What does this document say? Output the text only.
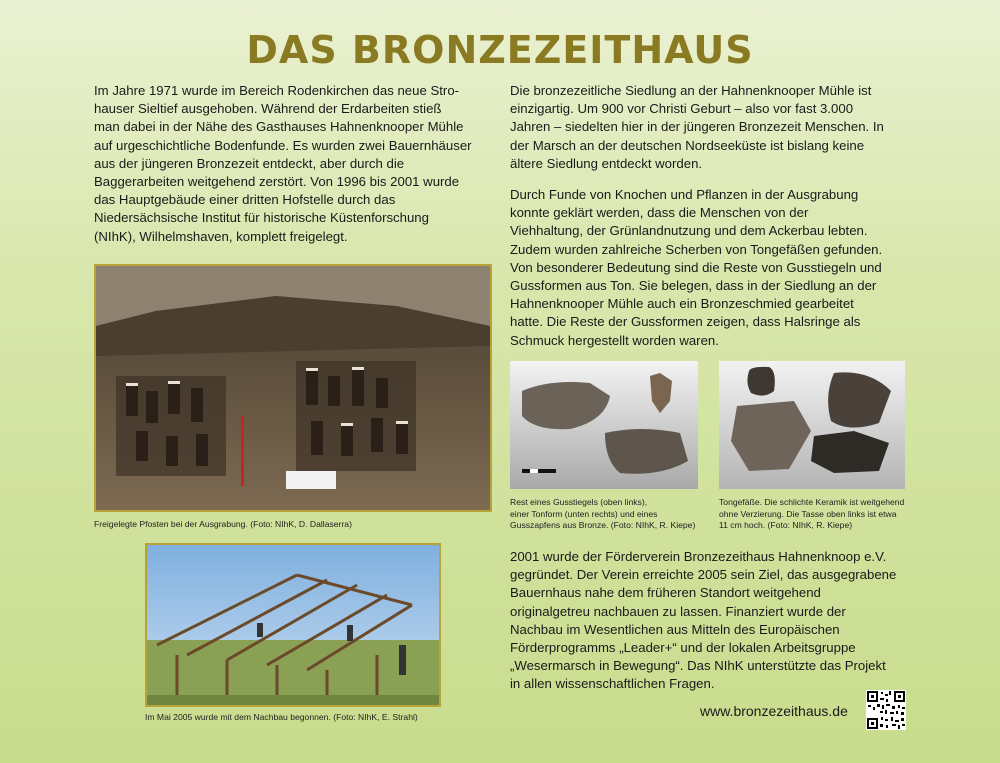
DAS BRONZEZEITHAUS

Im Jahre 1971 wurde im Bereich Rodenkirchen das neue Stro-
hauser Sieltief ausgehoben. Während der Erdarbeiten stieß
man dabei in der Nähe des Gasthauses Hahnenknooper Mühle
auf urgeschichtliche Bodenfunde. Es wurden zwei Bauernhäuser
aus der jüngeren Bronzezeit entdeckt, aber durch die
Baggerarbeiten weitgehend zerstört. Von 1996 bis 2001 wurde
das Hauptgebäude einer dritten Hofstelle durch das
Niedersächsische Institut für historische Küstenforschung
(NIhK), Wilhelmshaven, komplett freigelegt.

Die bronzezeitliche Siedlung an der Hahnenknooper Mühle ist
einzigartig. Um 900 vor Christi Geburt – also vor fast 3.000
Jahren – siedelten hier in der jüngeren Bronzezeit Menschen. In
der Marsch an der deutschen Nordseeküste ist bislang keine
ältere Siedlung entdeckt worden.

Durch Funde von Knochen und Pflanzen in der Ausgrabung
konnte geklärt werden, dass die Menschen von der
Viehhaltung, der Grünlandnutzung und dem Ackerbau lebten.
Zudem wurden zahlreiche Scherben von Tongefäßen gefunden.
Von besonderer Bedeutung sind die Reste von Gusstiegeln und
Gussformen aus Ton. Sie belegen, dass in der Siedlung an der
Hahnenknooper Mühle auch ein Bronzeschmied gearbeitet
hatte. Die Reste der Gussformen zeigen, dass Halsringe als
Schmuck hergestellt worden waren.

2001 wurde der Förderverein Bronzezeithaus Hahnenknoop e.V.
gegründet. Der Verein erreichte 2005 sein Ziel, das ausgegrabene
Bauernhaus nahe dem früheren Standort weitgehend
originalgetreu nachbauen zu lassen. Finanziert wurde der
Nachbau im Wesentlichen aus Mitteln des Europäischen
Förderprogramms „Leader+“ und der lokalen Arbeitsgruppe
„Wesermarsch in Bewegung“. Das NIhK unterstützte das Projekt
in allen wissenschaftlichen Fragen.

Freigelegte Pfosten bei der Ausgrabung. (Foto: NIhK, D. Dallaserra)

Im Mai 2005 wurde mit dem Nachbau begonnen. (Foto: NIhK, E. Strahl)

Rest eines Gusstiegels (oben links),
einer Tonform (unten rechts) und eines
Gusszapfens aus Bronze. (Foto: NIhK, R. Kiepe)

Tongefäße. Die schlichte Keramik ist weitgehend
ohne Verzierung. Die Tasse oben links ist etwa
11 cm hoch. (Foto: NIhK, R. Kiepe)

www.bronzezeithaus.de
